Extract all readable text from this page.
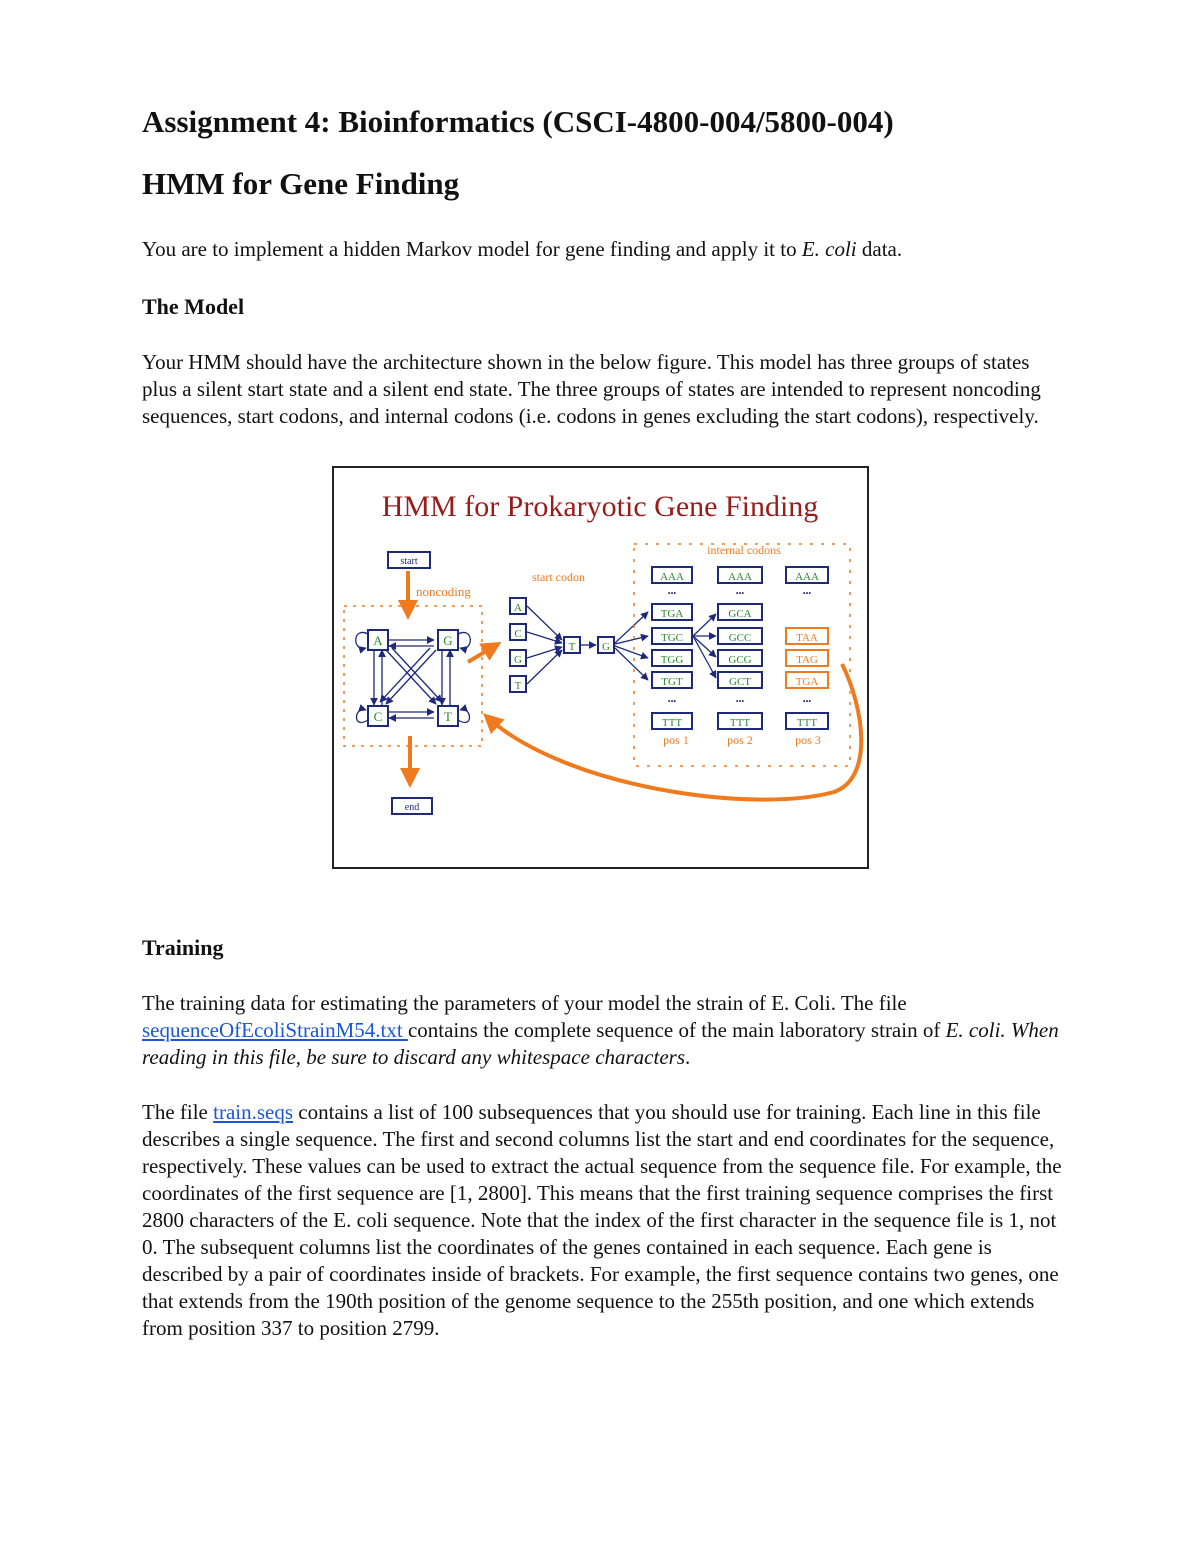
Assignment 4: Bioinformatics (CSCI-4800-004/5800-004)
HMM for Gene Finding

You are to implement a hidden Markov model for gene finding and apply it to E. coli data.

The Model

Your HMM should have the architecture shown in the below figure. This model has three groups of states plus a silent start state and a silent end state. The three groups of states are intended to represent noncoding sequences, start codons, and internal codons (i.e. codons in genes excluding the start codons), respectively.

Training

The training data for estimating the parameters of your model the strain of E. Coli. The file sequenceOfEcoliStrainM54.txt contains the complete sequence of the main laboratory strain of E. coli. When reading in this file, be sure to discard any whitespace characters.

The file train.seqs contains a list of 100 subsequences that you should use for training. Each line in this file describes a single sequence. The first and second columns list the start and end coordinates for the sequence, respectively. These values can be used to extract the actual sequence from the sequence file. For example, the coordinates of the first sequence are [1, 2800]. This means that the first training sequence comprises the first 2800 characters of the E. coli sequence. Note that the index of the first character in the sequence file is 1, not 0. The subsequent columns list the coordinates of the genes contained in each sequence. Each gene is described by a pair of coordinates inside of brackets. For example, the first sequence contains two genes, one that extends from the 190th position of the genome sequence to the 255th position, and one which extends from position 337 to position 2799.

HMM for Prokaryotic Gene Finding
start
noncoding
A	G
C	T
end
start codon
A
C
G
T
T G
internal codons
AAA	AAA	AAA
•••	•••	•••
TGA
TGC
TGG
TGT
GCA
GCC
GCG
GCT
TAA
TAG
TGA
•••	•••	•••
TTT	TTT	TTT
pos 1	pos 2	pos 3
